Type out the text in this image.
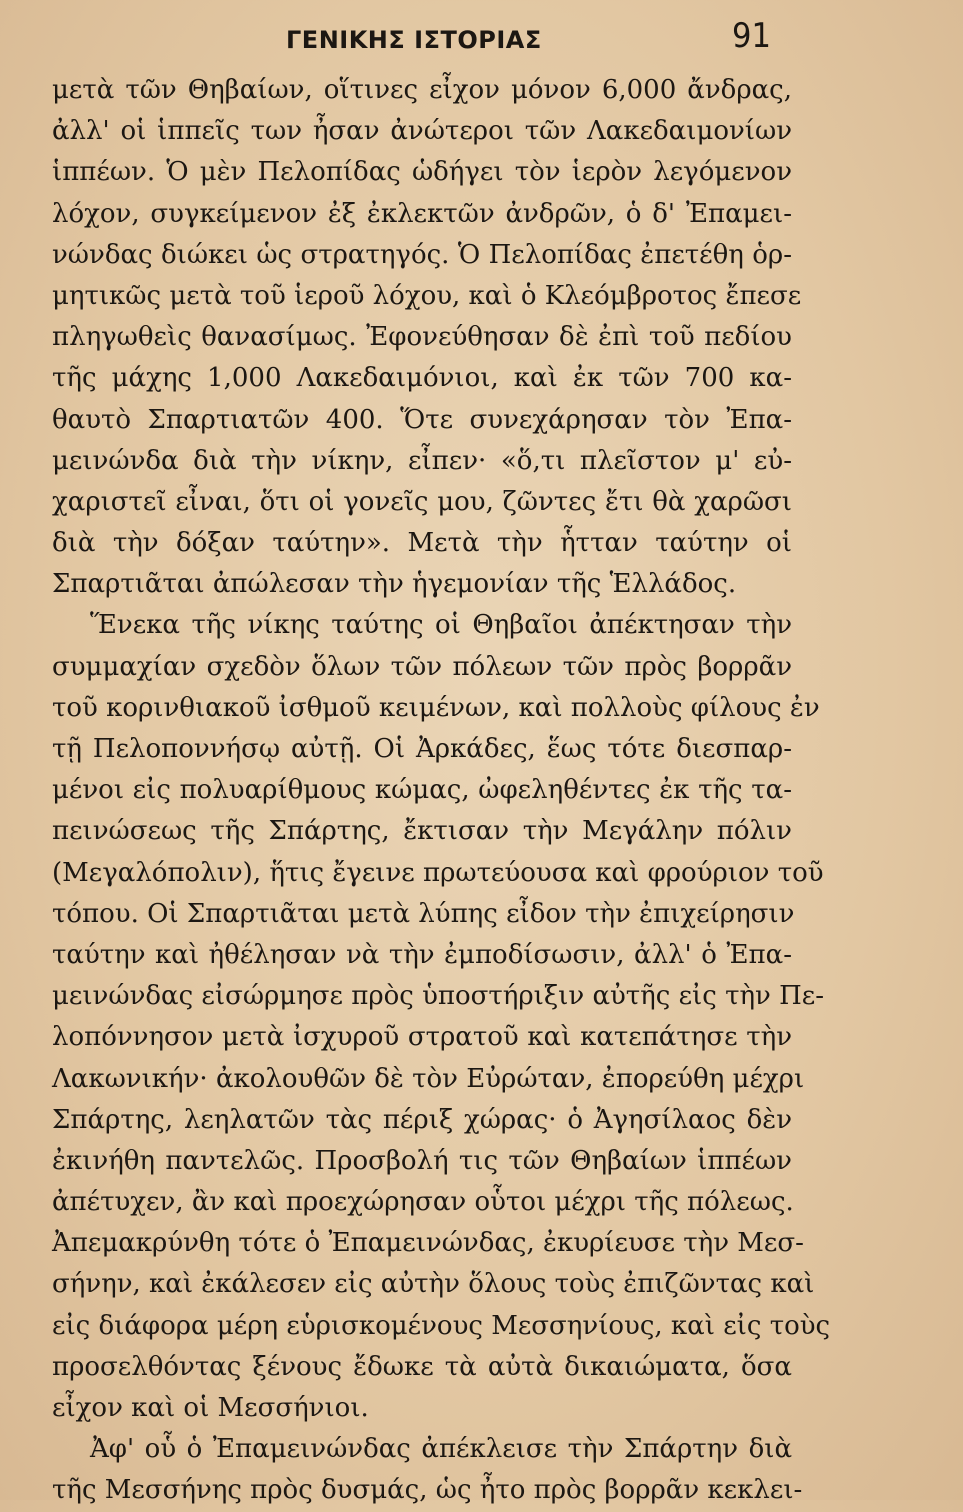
ΓΕΝΙΚΗΣ ΙΣΤΟΡΙΑΣ	91
μετὰ τῶν Θηβαίων, οἵτινες εἶχον μόνον 6,000 ἄνδρας,
ἀλλ' οἱ ἱππεῖς των ἦσαν ἀνώτεροι τῶν Λακεδαιμονίων
ἱππέων. Ὁ μὲν Πελοπίδας ὡδήγει τὸν ἱερὸν λεγόμενον
λόχον, συγκείμενον ἐξ ἐκλεκτῶν ἀνδρῶν, ὁ δ' Ἐπαμει-
νώνδας διώκει ὡς στρατηγός. Ὁ Πελοπίδας ἐπετέθη ὁρ-
μητικῶς μετὰ τοῦ ἱεροῦ λόχου, καὶ ὁ Κλεόμβροτος ἔπεσε
πληγωθεὶς θανασίμως. Ἐφονεύθησαν δὲ ἐπὶ τοῦ πεδίου
τῆς μάχης 1,000 Λακεδαιμόνιοι, καὶ ἐκ τῶν 700 κα-
θαυτὸ Σπαρτιατῶν 400. Ὅτε συνεχάρησαν τὸν Ἐπα-
μεινώνδα διὰ τὴν νίκην, εἶπεν· «ὅ,τι πλεῖστον μ' εὐ-
χαριστεῖ εἶναι, ὅτι οἱ γονεῖς μου, ζῶντες ἔτι θὰ χαρῶσι
διὰ τὴν δόξαν ταύτην». Μετὰ τὴν ἧτταν ταύτην οἱ
Σπαρτιᾶται ἀπώλεσαν τὴν ἡγεμονίαν τῆς Ἑλλάδος.
Ἕνεκα τῆς νίκης ταύτης οἱ Θηβαῖοι ἀπέκτησαν τὴν
συμμαχίαν σχεδὸν ὅλων τῶν πόλεων τῶν πρὸς βορρᾶν
τοῦ κορινθιακοῦ ἰσθμοῦ κειμένων, καὶ πολλοὺς φίλους ἐν
τῇ Πελοποννήσῳ αὐτῇ. Οἱ Ἀρκάδες, ἕως τότε διεσπαρ-
μένοι εἰς πολυαρίθμους κώμας, ὠφεληθέντες ἐκ τῆς τα-
πεινώσεως τῆς Σπάρτης, ἔκτισαν τὴν Μεγάλην πόλιν
(Μεγαλόπολιν), ἥτις ἔγεινε πρωτεύουσα καὶ φρούριον τοῦ
τόπου. Οἱ Σπαρτιᾶται μετὰ λύπης εἶδον τὴν ἐπιχείρησιν
ταύτην καὶ ἠθέλησαν νὰ τὴν ἐμποδίσωσιν, ἀλλ' ὁ Ἐπα-
μεινώνδας εἰσώρμησε πρὸς ὑποστήριξιν αὐτῆς εἰς τὴν Πε-
λοπόννησον μετὰ ἰσχυροῦ στρατοῦ καὶ κατεπάτησε τὴν
Λακωνικήν· ἀκολουθῶν δὲ τὸν Εὐρώταν, ἐπορεύθη μέχρι
Σπάρτης, λεηλατῶν τὰς πέριξ χώρας· ὁ Ἀγησίλαος δὲν
ἐκινήθη παντελῶς. Προσβολή τις τῶν Θηβαίων ἱππέων
ἀπέτυχεν, ἂν καὶ προεχώρησαν οὗτοι μέχρι τῆς πόλεως.
Ἀπεμακρύνθη τότε ὁ Ἐπαμεινώνδας, ἐκυρίευσε τὴν Μεσ-
σήνην, καὶ ἐκάλεσεν εἰς αὐτὴν ὅλους τοὺς ἐπιζῶντας καὶ
εἰς διάφορα μέρη εὑρισκομένους Μεσσηνίους, καὶ εἰς τοὺς
προσελθόντας ξένους ἔδωκε τὰ αὐτὰ δικαιώματα, ὅσα
εἶχον καὶ οἱ Μεσσήνιοι.
Ἀφ' οὗ ὁ Ἐπαμεινώνδας ἀπέκλεισε τὴν Σπάρτην διὰ
τῆς Μεσσήνης πρὸς δυσμάς, ὡς ἦτο πρὸς βορρᾶν κεκλει-
